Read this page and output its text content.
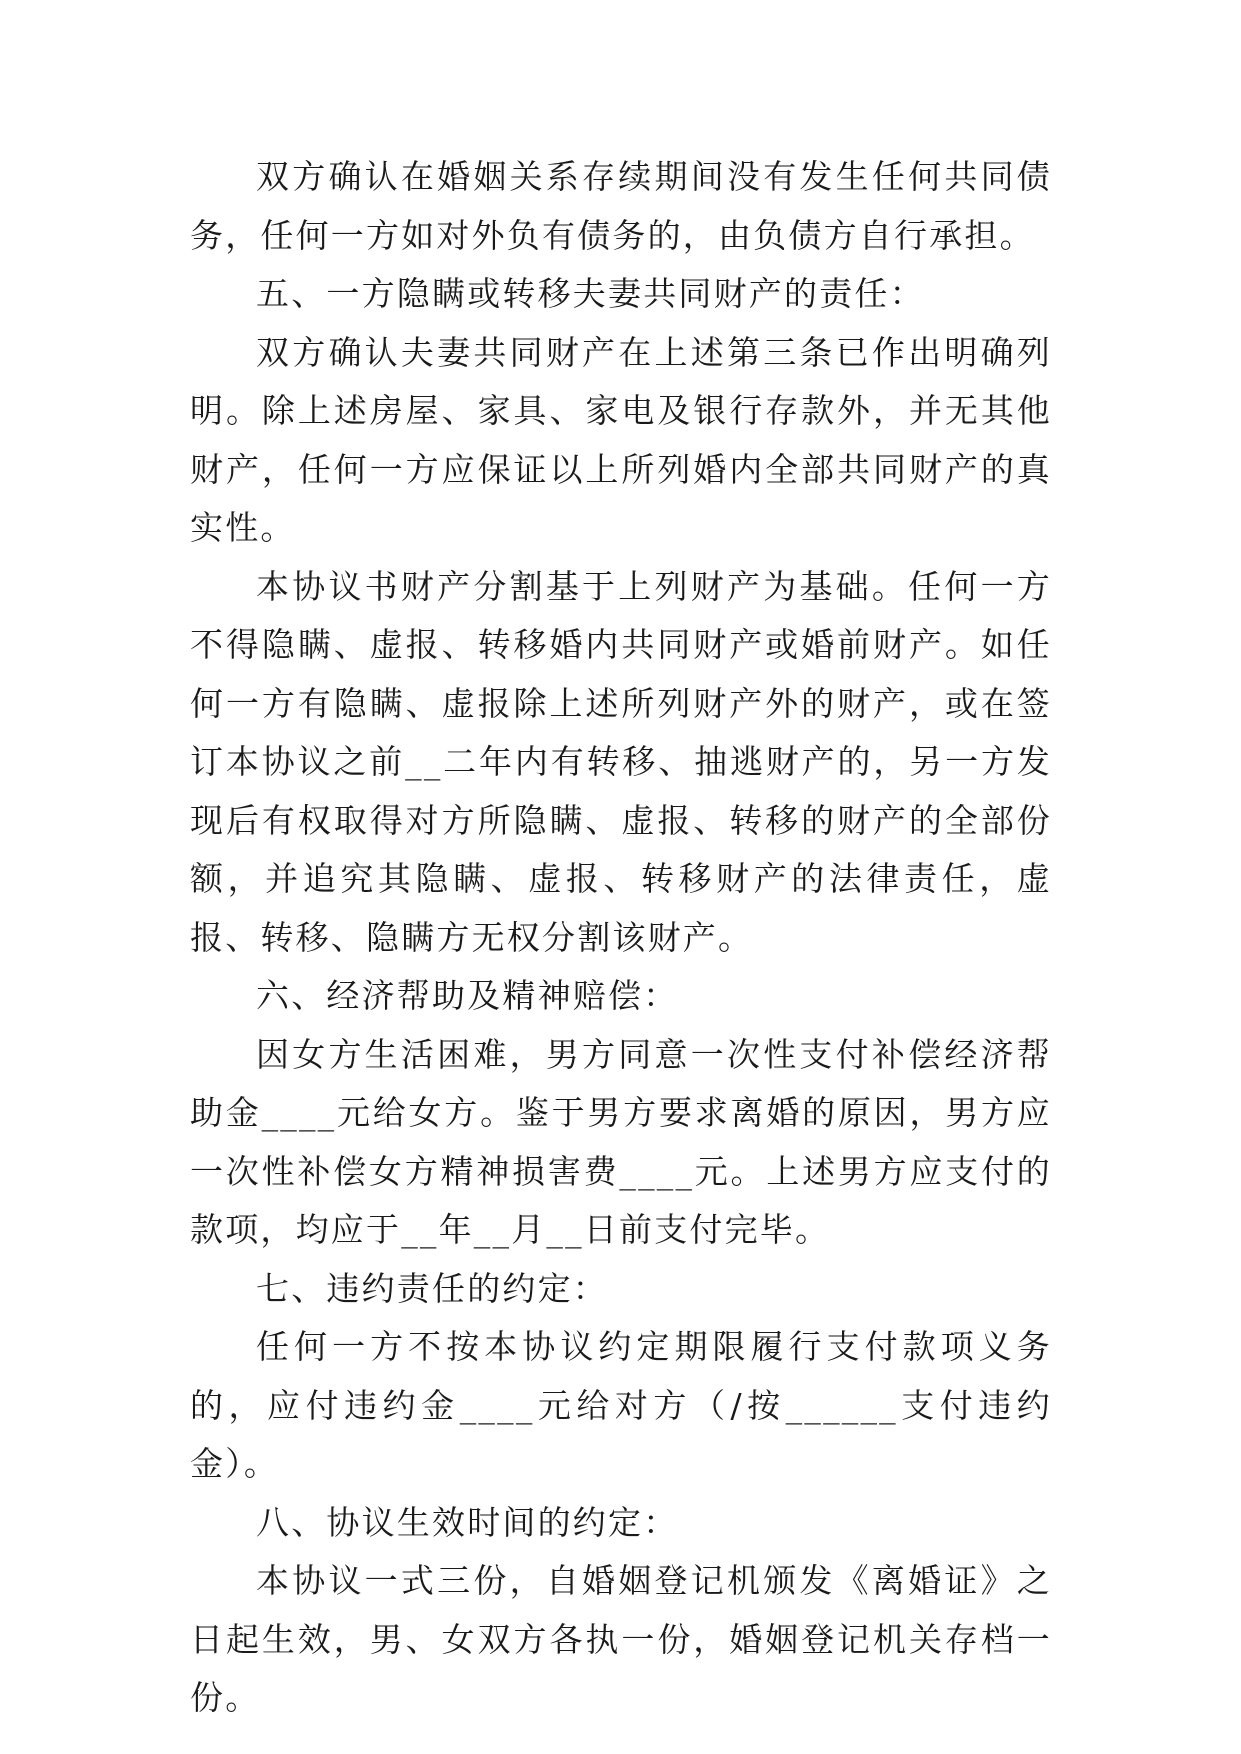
双方确认在婚姻关系存续期间没有发生任何共同债务，任何一方如对外负有债务的，由负债方自行承担。

五、一方隐瞒或转移夫妻共同财产的责任：

双方确认夫妻共同财产在上述第三条已作出明确列明。除上述房屋、家具、家电及银行存款外，并无其他财产，任何一方应保证以上所列婚内全部共同财产的真实性。

本协议书财产分割基于上列财产为基础。任何一方不得隐瞒、虚报、转移婚内共同财产或婚前财产。如任何一方有隐瞒、虚报除上述所列财产外的财产，或在签订本协议之前__二年内有转移、抽逃财产的，另一方发现后有权取得对方所隐瞒、虚报、转移的财产的全部份额，并追究其隐瞒、虚报、转移财产的法律责任，虚报、转移、隐瞒方无权分割该财产。

六、经济帮助及精神赔偿：

因女方生活困难，男方同意一次性支付补偿经济帮助金____元给女方。鉴于男方要求离婚的原因，男方应一次性补偿女方精神损害费____元。上述男方应支付的款项，均应于__年__月__日前支付完毕。

七、违约责任的约定：

任何一方不按本协议约定期限履行支付款项义务的，应付违约金____元给对方（/按______支付违约金）。

八、协议生效时间的约定：

本协议一式三份，自婚姻登记机颁发《离婚证》之日起生效，男、女双方各执一份，婚姻登记机关存档一份。
